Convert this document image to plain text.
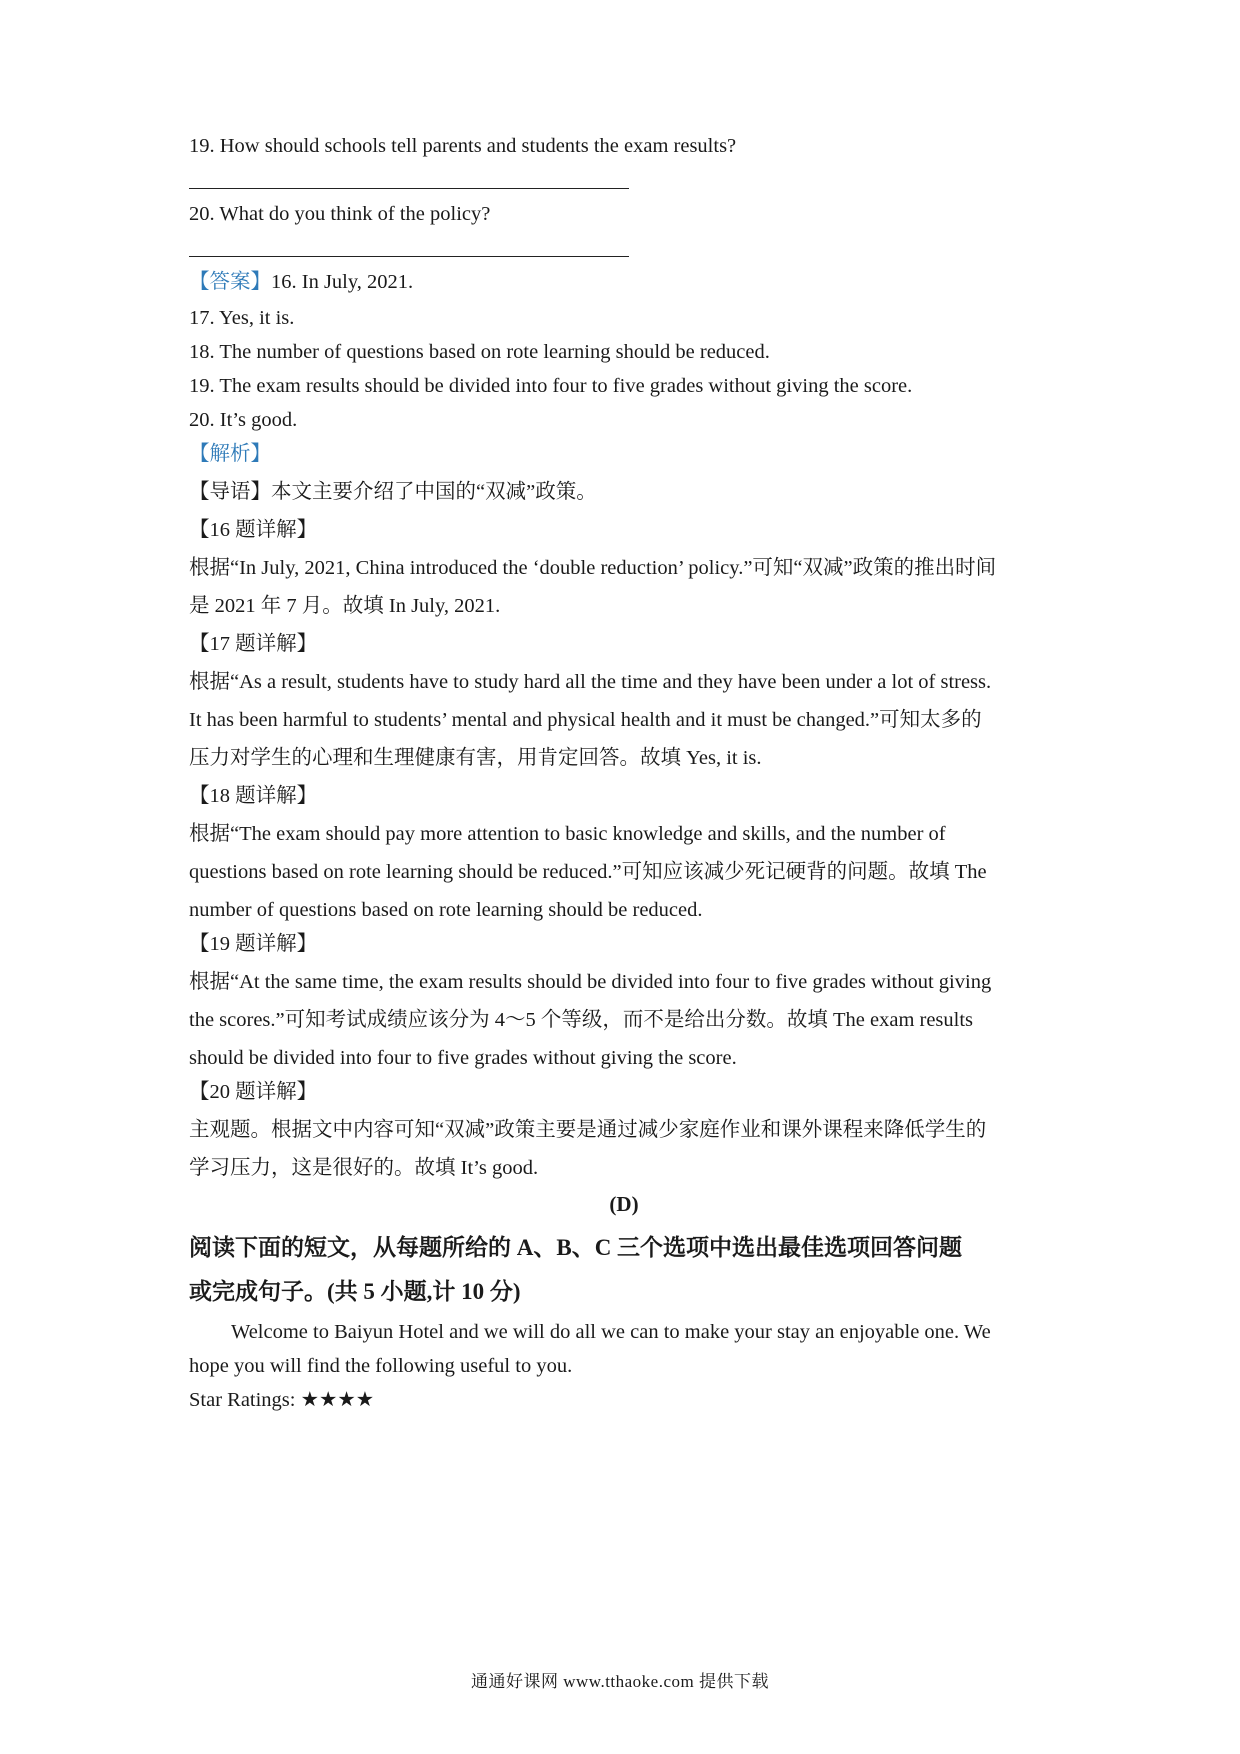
19. How should schools tell parents and students the exam results?
20. What do you think of the policy?
【答案】16. In July, 2021.
17. Yes, it is.
18. The number of questions based on rote learning should be reduced.
19. The exam results should be divided into four to five grades without giving the score.
20. It’s good.
【解析】
【导语】本文主要介绍了中国的“双减”政策。
【16 题详解】
根据“In July, 2021, China introduced the ‘double reduction’ policy.”可知“双减”政策的推出时间
是 2021 年 7 月。故填 In July, 2021.
【17 题详解】
根据“As a result, students have to study hard all the time and they have been under a lot of stress.
It has been harmful to students’ mental and physical health and it must be changed.”可知太多的
压力对学生的心理和生理健康有害，用肯定回答。故填 Yes, it is.
【18 题详解】
根据“The exam should pay more attention to basic knowledge and skills, and the number of
questions based on rote learning should be reduced.”可知应该减少死记硬背的问题。故填 The
number of questions based on rote learning should be reduced.
【19 题详解】
根据“At the same time, the exam results should be divided into four to five grades without giving
the scores.”可知考试成绩应该分为 4～5 个等级，而不是给出分数。故填 The exam results
should be divided into four to five grades without giving the score.
【20 题详解】
主观题。根据文中内容可知“双减”政策主要是通过减少家庭作业和课外课程来降低学生的
学习压力，这是很好的。故填 It’s good.
(D)
阅读下面的短文，从每题所给的 A、B、C 三个选项中选出最佳选项回答问题
或完成句子。(共 5 小题,计 10 分)
Welcome to Baiyun Hotel and we will do all we can to make your stay an enjoyable one. We
hope you will find the following useful to you.
Star Ratings: ★★★★
通通好课网 www.tthaoke.com 提供下载
